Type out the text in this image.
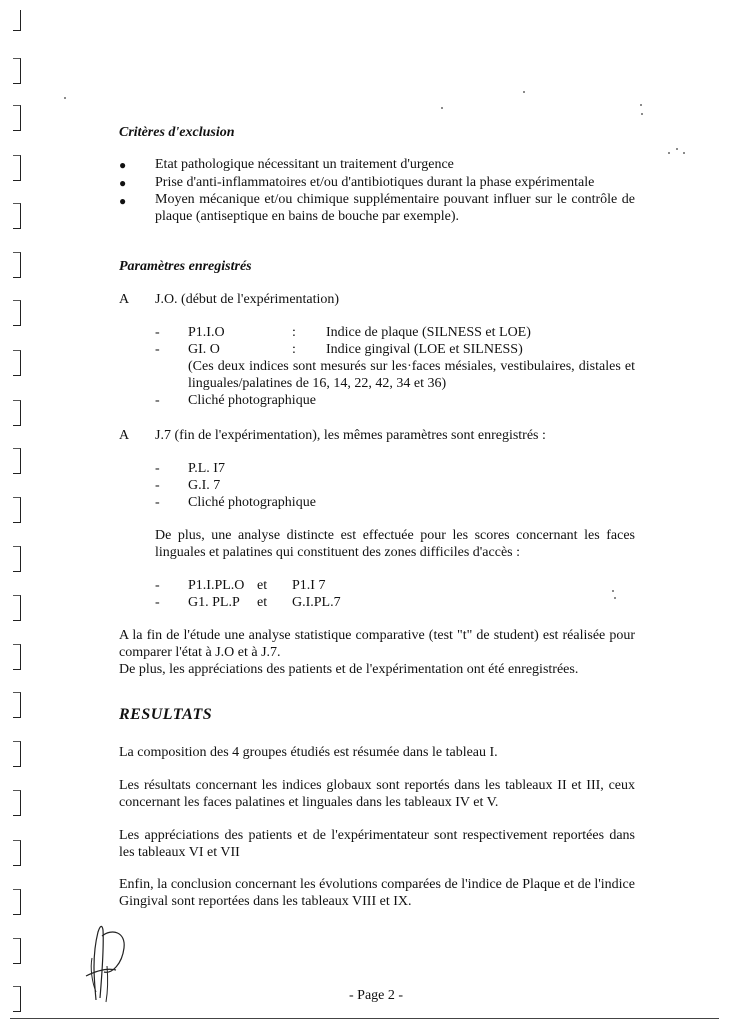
Critères d'exclusion
● Etat pathologique nécessitant un traitement d'urgence
● Prise d'anti-inflammatoires et/ou d'antibiotiques durant la phase expérimentale
● Moyen mécanique et/ou chimique supplémentaire pouvant influer sur le contrôle de plaque (antiseptique en bains de bouche par exemple).
Paramètres enregistrés
A J.O. (début de l'expérimentation)
- P1.I.O	: Indice de plaque (SILNESS et LOE)
- GI. O	: Indice gingival (LOE et SILNESS)
(Ces deux indices sont mesurés sur les·faces mésiales, vestibulaires, distales et linguales/palatines de 16, 14, 22, 42, 34 et 36)
- Cliché photographique
A J.7 (fin de l'expérimentation), les mêmes paramètres sont enregistrés :
- P.L. I7
- G.I. 7
- Cliché photographique
De plus, une analyse distincte est effectuée pour les scores concernant les faces linguales et palatines qui constituent des zones difficiles d'accès :
- P1.I.PL.O et P1.I 7
- G1. PL.P et G.I.PL.7
A la fin de l'étude une analyse statistique comparative (test "t" de student) est réalisée pour comparer l'état à J.O et à J.7.
De plus, les appréciations des patients et de l'expérimentation ont été enregistrées.
RESULTATS
La composition des 4 groupes étudiés est résumée dans le tableau I.
Les résultats concernant les indices globaux sont reportés dans les tableaux II et III, ceux concernant les faces palatines et linguales dans les tableaux IV et V.
Les appréciations des patients et de l'expérimentateur sont respectivement reportées dans les tableaux VI et VII
Enfin, la conclusion concernant les évolutions comparées de l'indice de Plaque et de l'indice Gingival sont reportées dans les tableaux VIII et IX.
- Page 2 -
